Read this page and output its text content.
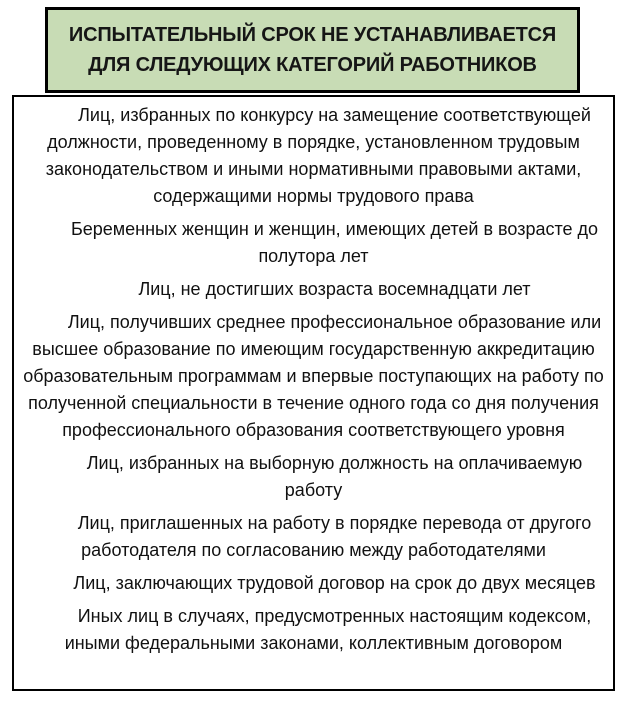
ИСПЫТАТЕЛЬНЫЙ СРОК НЕ УСТАНАВЛИВАЕТСЯ
ДЛЯ СЛЕДУЮЩИХ КАТЕГОРИЙ РАБОТНИКОВ

Лиц, избранных по конкурсу на замещение соответствующей должности, проведенному в порядке, установленном трудовым законодательством и иными нормативными правовыми актами, содержащими нормы трудового права

Беременных женщин и женщин, имеющих детей в возрасте до полутора лет

Лиц, не достигших возраста восемнадцати лет

Лиц, получивших среднее профессиональное образование или высшее образование по имеющим государственную аккредитацию образовательным программам и впервые поступающих на работу по полученной специальности в течение одного года со дня получения профессионального образования соответствующего уровня

Лиц, избранных на выборную должность на оплачиваемую работу

Лиц, приглашенных на работу в порядке перевода от другого работодателя по согласованию между работодателями

Лиц, заключающих трудовой договор на срок до двух месяцев

Иных лиц в случаях, предусмотренных настоящим кодексом, иными федеральными законами, коллективным договором
